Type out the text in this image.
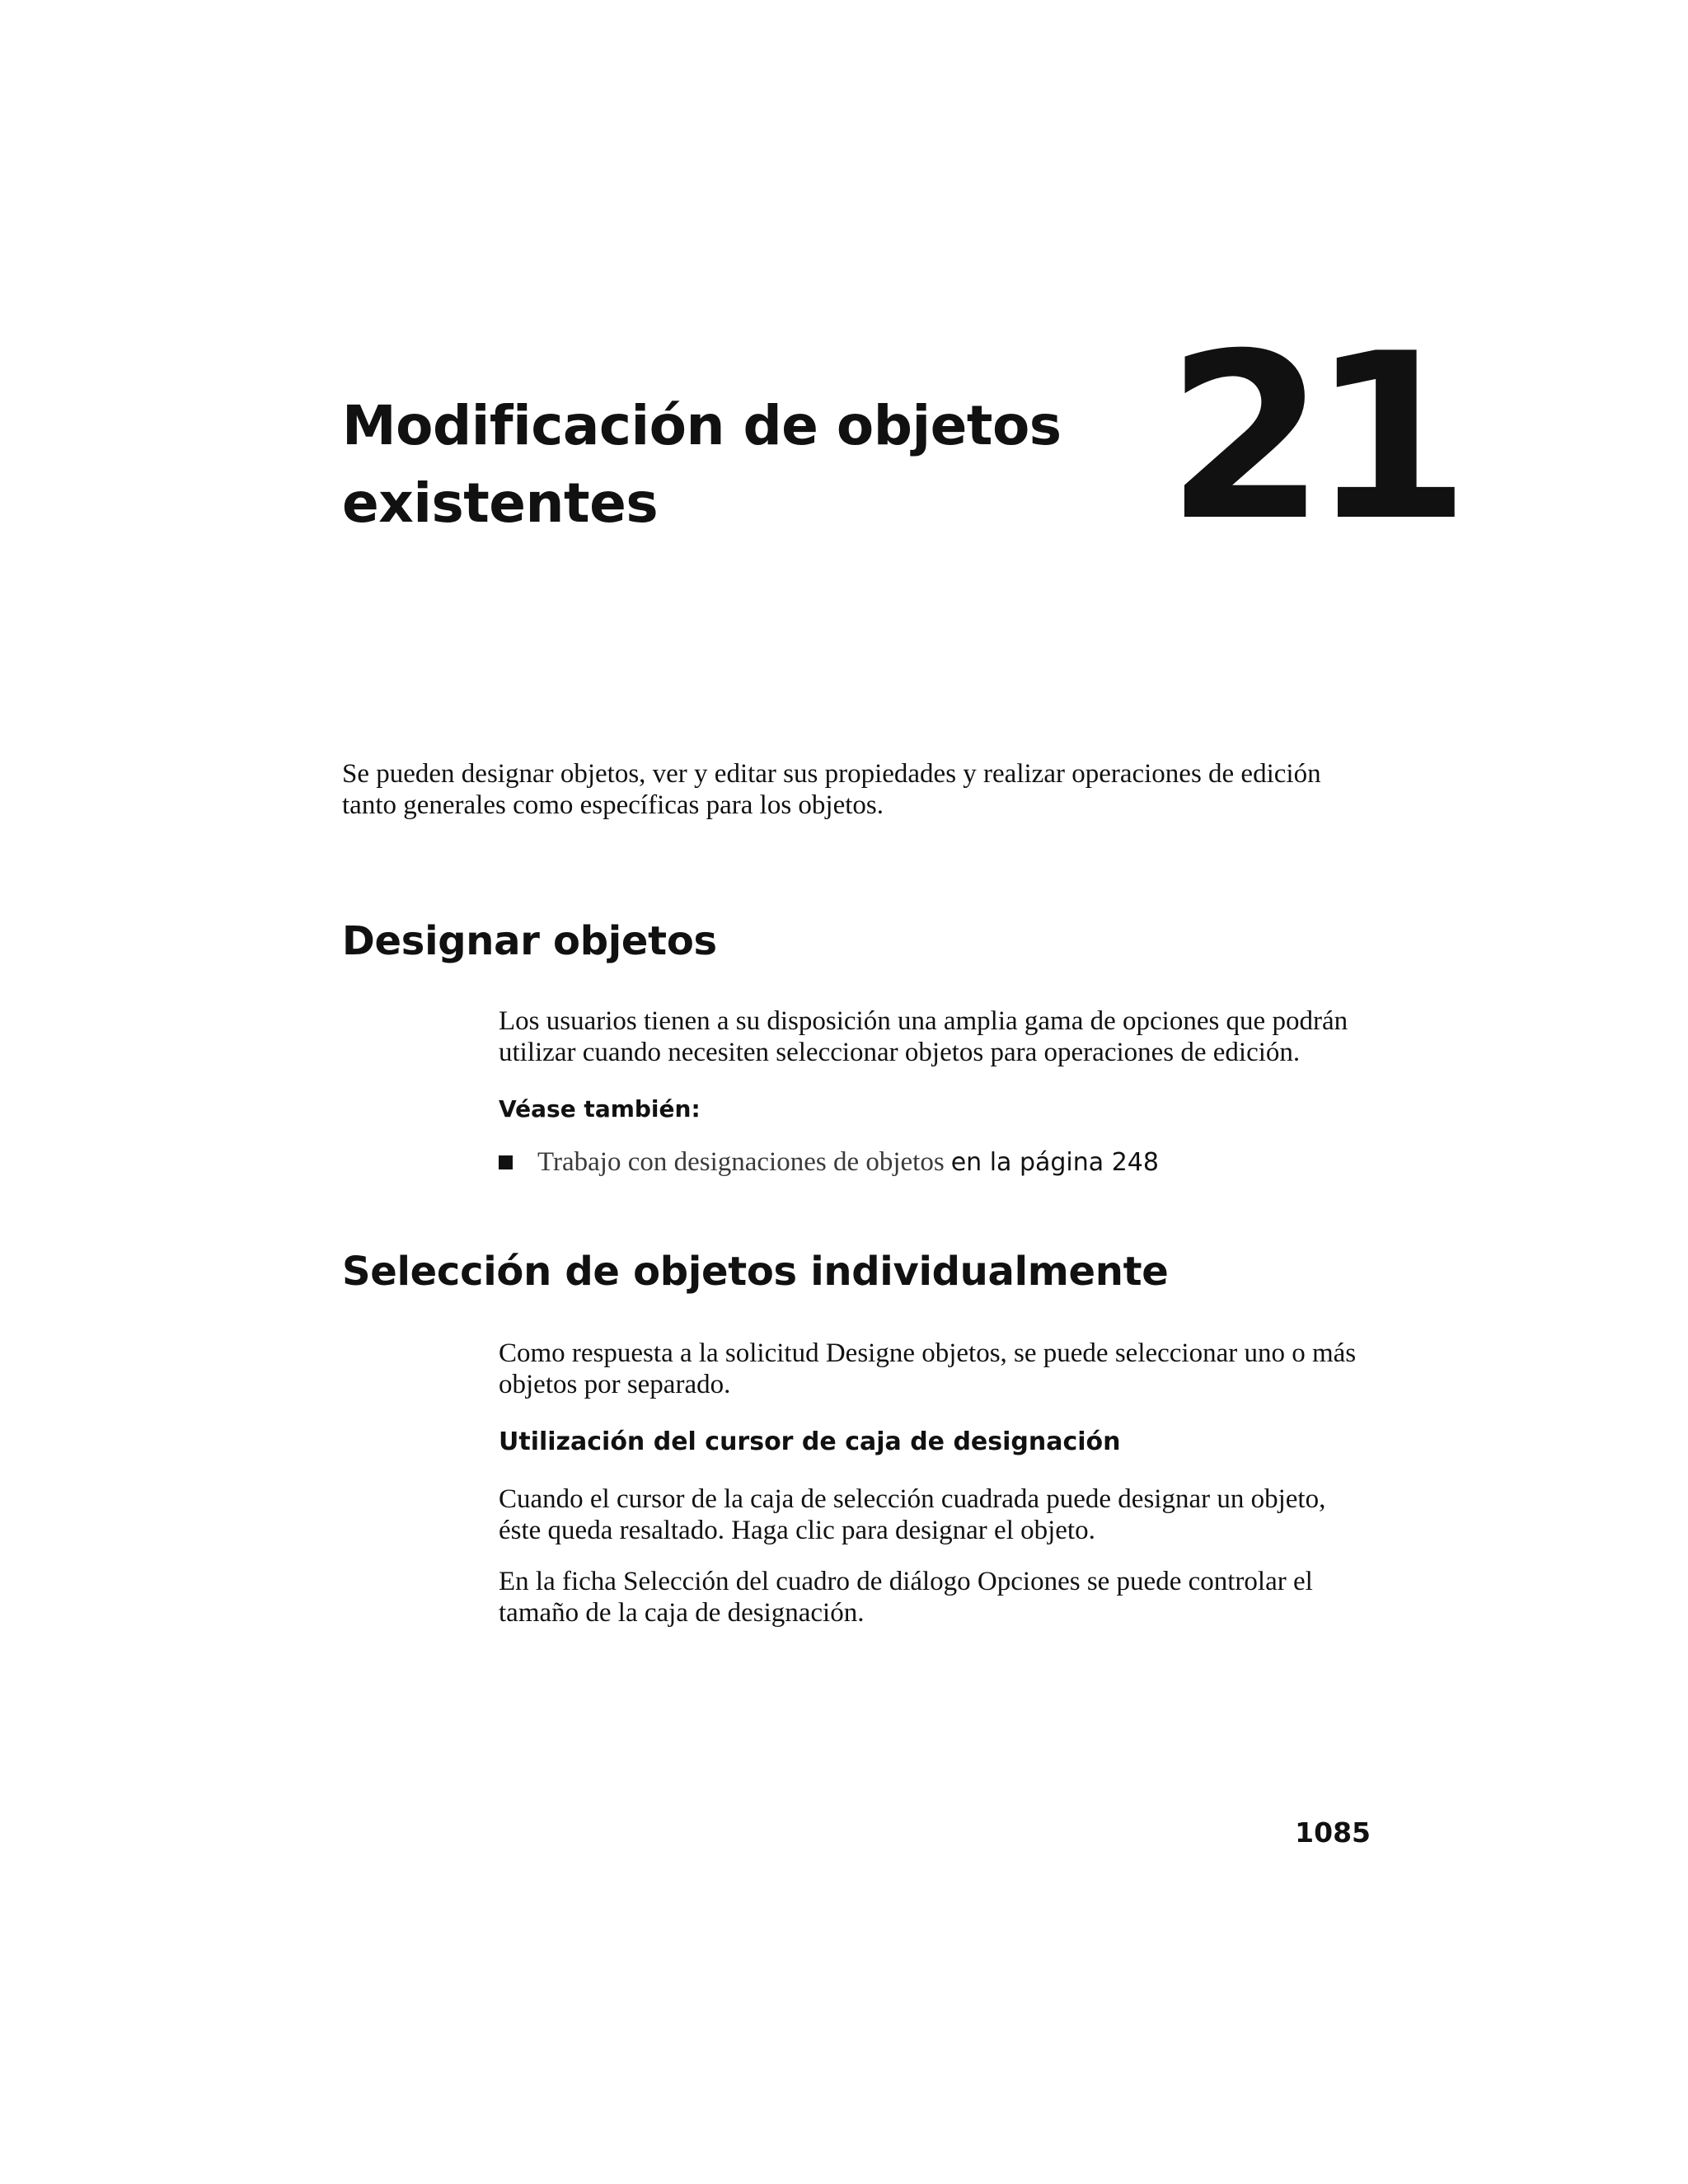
Modificación de objetos
existentes	21

Se pueden designar objetos, ver y editar sus propiedades y realizar operaciones de edición
tanto generales como específicas para los objetos.

Designar objetos

Los usuarios tienen a su disposición una amplia gama de opciones que podrán
utilizar cuando necesiten seleccionar objetos para operaciones de edición.

Véase también:
Trabajo con designaciones de objetos en la página 248
Selección de objetos individualmente

Como respuesta a la solicitud Designe objetos, se puede seleccionar uno o más
objetos por separado.

Utilización del cursor de caja de designación

Cuando el cursor de la caja de selección cuadrada puede designar un objeto,
éste queda resaltado. Haga clic para designar el objeto.

En la ficha Selección del cuadro de diálogo Opciones se puede controlar el
tamaño de la caja de designación.

1085
